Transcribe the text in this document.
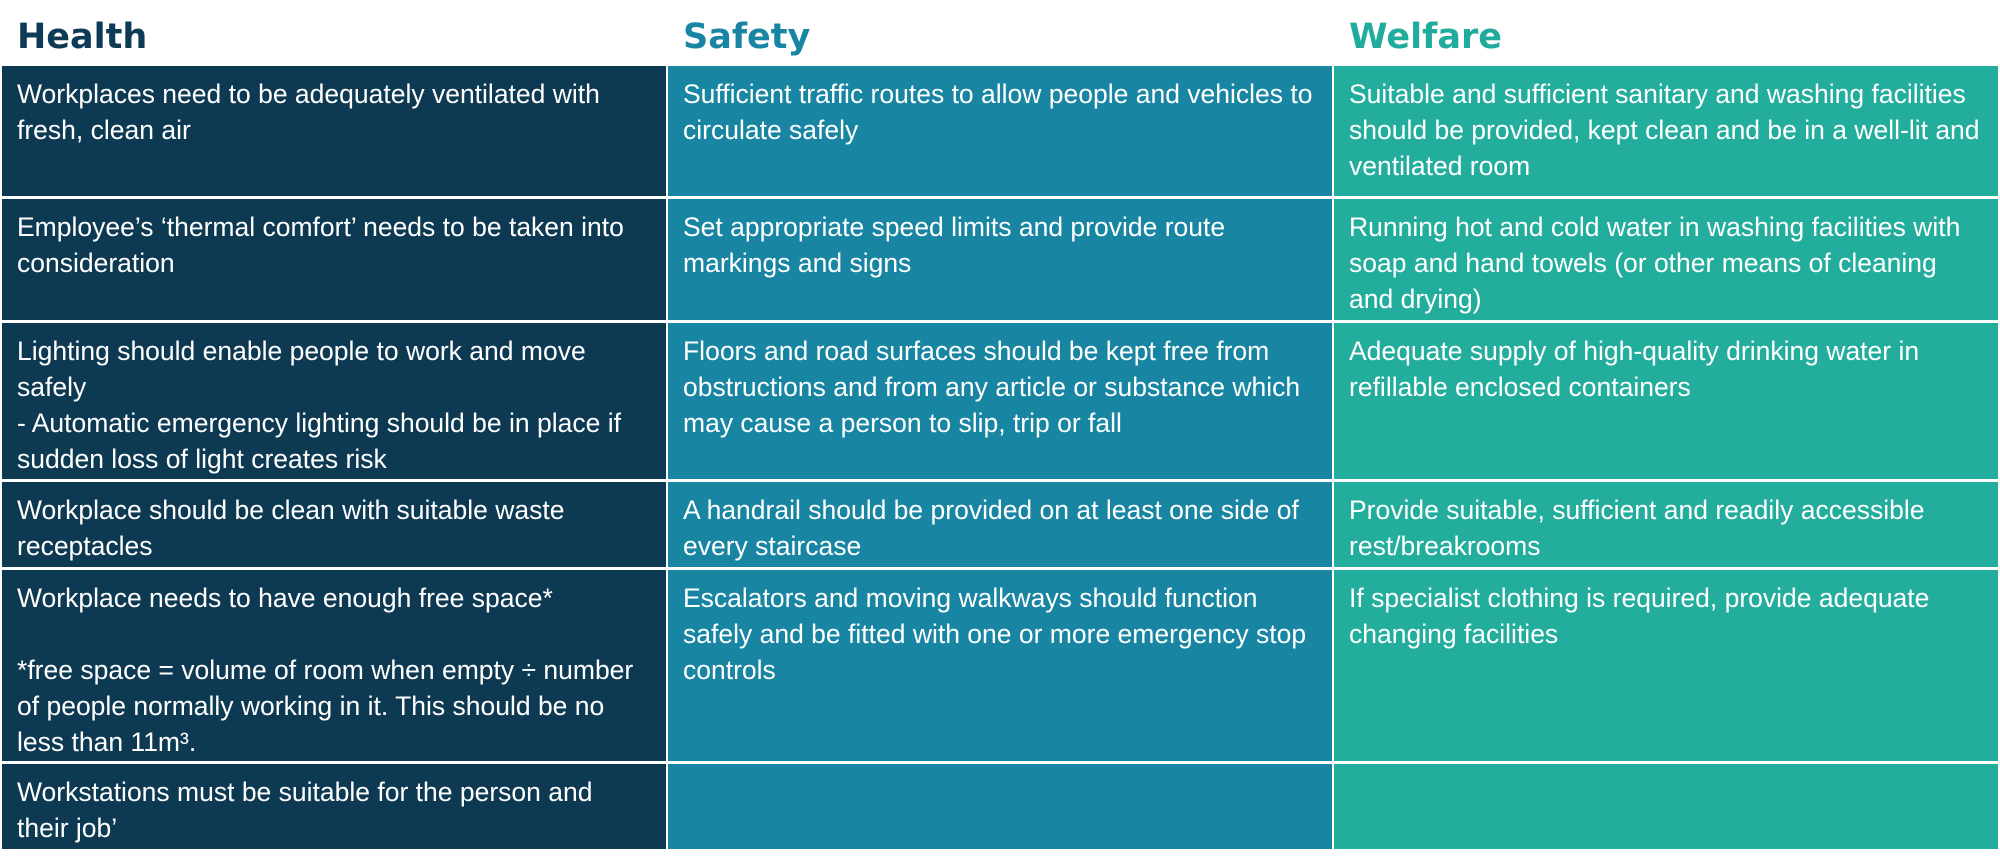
Health	Safety	Welfare
Workplaces need to be adequately ventilated with fresh, clean air
Sufficient traffic routes to allow people and vehicles to circulate safely
Suitable and sufficient sanitary and washing facilities should be provided, kept clean and be in a well-lit and ventilated room
Employee’s ‘thermal comfort’ needs to be taken into consideration
Set appropriate speed limits and provide route markings and signs
Running hot and cold water in washing facilities with soap and hand towels (or other means of cleaning and drying)
Lighting should enable people to work and move safely
- Automatic emergency lighting should be in place if sudden loss of light creates risk
Floors and road surfaces should be kept free from obstructions and from any article or substance which may cause a person to slip, trip or fall
Adequate supply of high-quality drinking water in refillable enclosed containers
Workplace should be clean with suitable waste receptacles
A handrail should be provided on at least one side of every staircase
Provide suitable, sufficient and readily accessible rest/breakrooms
Workplace needs to have enough free space*

*free space = volume of room when empty ÷ number of people normally working in it. This should be no less than 11m³.
Escalators and moving walkways should function safely and be fitted with one or more emergency stop controls
If specialist clothing is required, provide adequate changing facilities
Workstations must be suitable for the person and their job’
